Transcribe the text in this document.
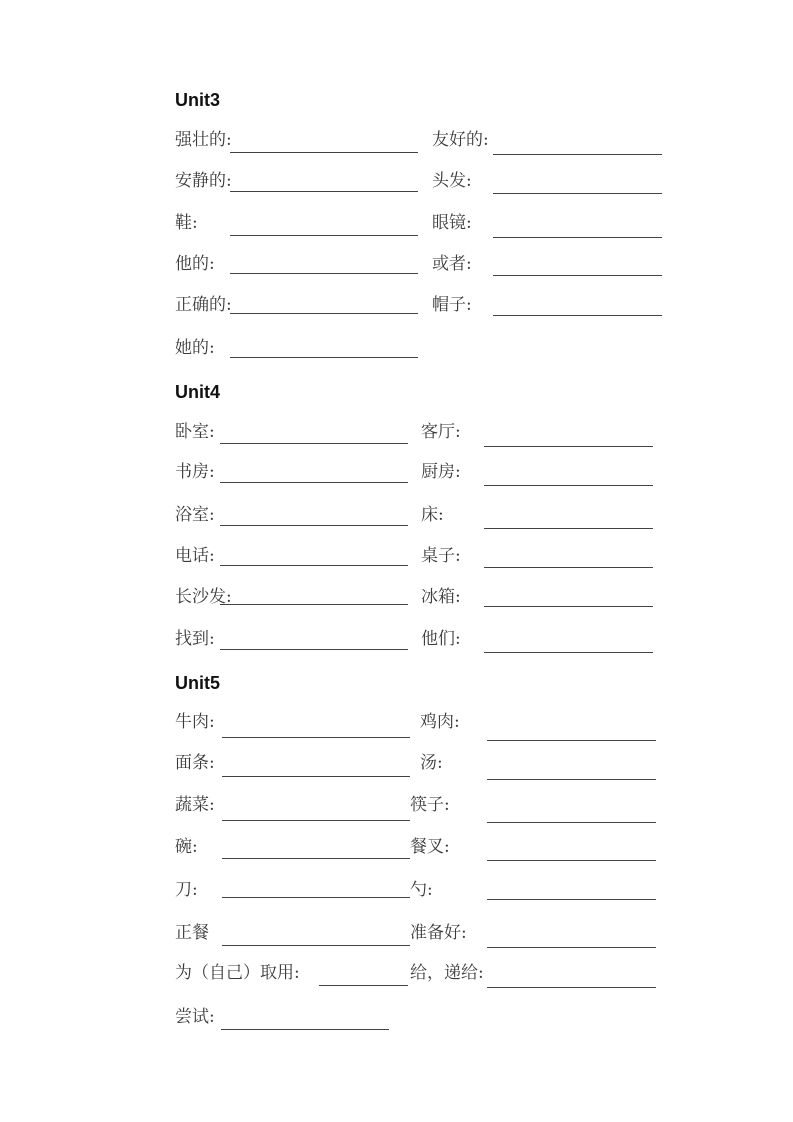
Unit3
强壮的:	友好的:
安静的:	头发:
鞋:	眼镜:
他的:	或者:
正确的:	帽子:
她的:
Unit4
卧室:	客厅:
书房:	厨房:
浴室:	床:
电话:	桌子:
长沙发:	冰箱:
找到:	他们:
Unit5
牛肉:	鸡肉:
面条:	汤:
蔬菜:	筷子:
碗:	餐叉:
刀:	勺:
正餐	准备好:
为（自己）取用:	给，递给:
尝试:
